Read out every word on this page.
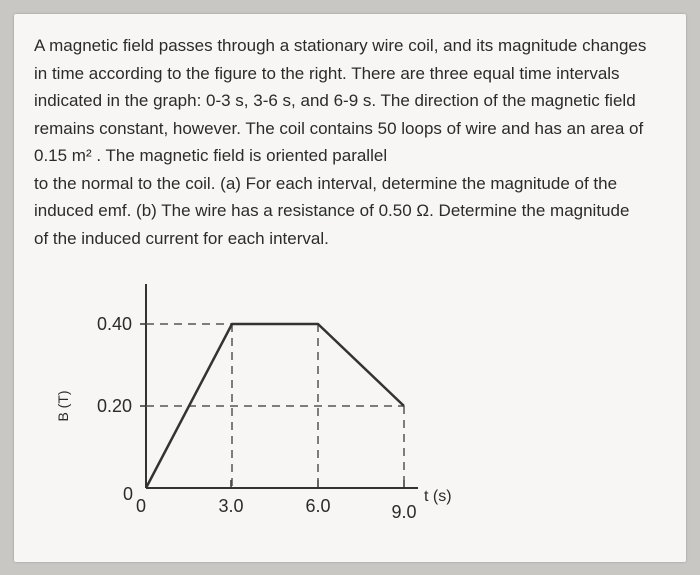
A magnetic field passes through a stationary wire coil, and its magnitude changes
in time according to the figure to the right. There are three equal time intervals
indicated in the graph: 0-3 s, 3-6 s, and 6-9 s. The direction of the magnetic field
remains constant, however. The coil contains 50 loops of wire and has an area of
0.15 m² . The magnetic field is oriented parallel
to the normal to the coil. (a) For each interval, determine the magnitude of the
induced emf. (b) The wire has a resistance of 0.50 Ω. Determine the magnitude
of the induced current for each interval.
0.40
0.20
0
0	3.0	6.0	9.0
t (s)
B (T)
